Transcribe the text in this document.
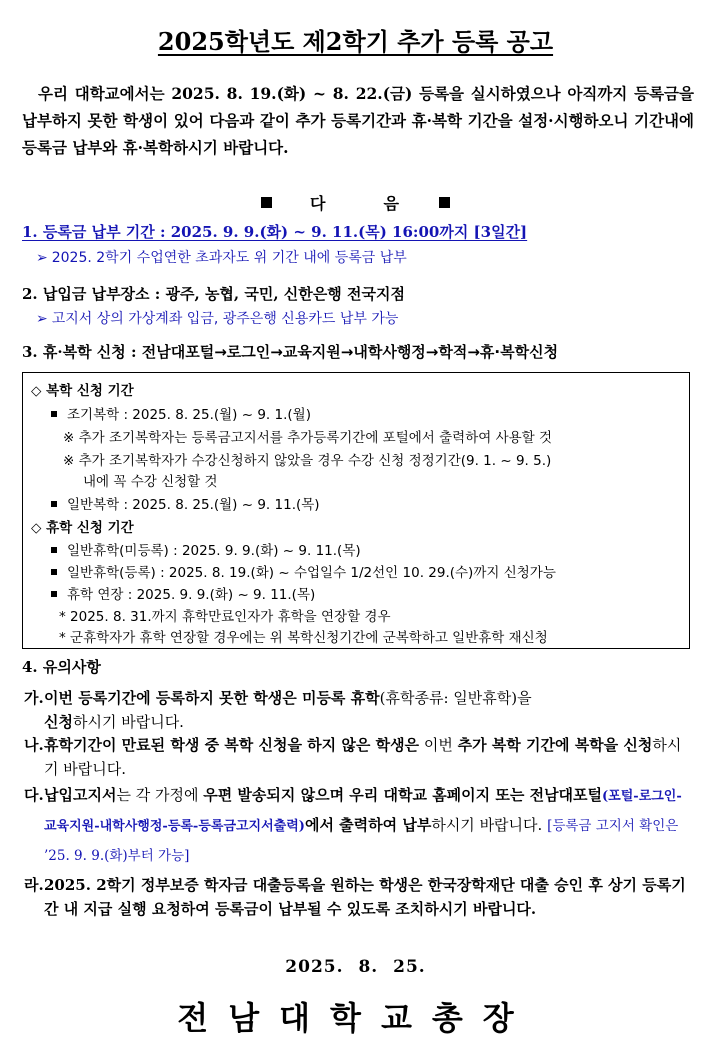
2025학년도 제2학기 추가 등록 공고

우리 대학교에서는 2025. 8. 19.(화) ~ 8. 22.(금) 등록을 실시하였으나 아직까지 등록금을 납부하지 못한 학생이 있어 다음과 같이 추가 등록기간과 휴·복학 기간을 설정·시행하오니 기간내에 등록금 납부와 휴·복학하시기 바랍니다.

다	음
1. 등록금 납부 기간 : 2025. 9. 9.(화) ~ 9. 11.(목) 16:00까지 [3일간]
➢ 2025. 2학기 수업연한 초과자도 위 기간 내에 등록금 납부
2. 납입금 납부장소 : 광주, 농협, 국민, 신한은행 전국지점
➢ 고지서 상의 가상계좌 입금, 광주은행 신용카드 납부 가능
3. 휴·복학 신청 : 전남대포털→로그인→교육지원→내학사행정→학적→휴·복학신청
◇ 복학 신청 기간
조기복학 : 2025. 8. 25.(월) ~ 9. 1.(월)
※ 추가 조기복학자는 등록금고지서를 추가등록기간에 포털에서 출력하여 사용할 것
※ 추가 조기복학자가 수강신청하지 않았을 경우 수강 신청 정정기간(9. 1. ~ 9. 5.)
내에 꼭 수강 신청할 것
일반복학 : 2025. 8. 25.(월) ~ 9. 11.(목)
◇ 휴학 신청 기간
일반휴학(미등록) : 2025. 9. 9.(화) ~ 9. 11.(목)
일반휴학(등록) : 2025. 8. 19.(화) ~ 수업일수 1/2선인 10. 29.(수)까지 신청가능
휴학 연장 : 2025. 9. 9.(화) ~ 9. 11.(목)
* 2025. 8. 31.까지 휴학만료인자가 휴학을 연장할 경우
* 군휴학자가 휴학 연장할 경우에는 위 복학신청기간에 군복학하고 일반휴학 재신청
4. 유의사항
가. 이번 등록기간에 등록하지 못한 학생은 미등록 휴학(휴학종류: 일반휴학)을
신청하시기 바랍니다.
나. 휴학기간이 만료된 학생 중 복학 신청을 하지 않은 학생은 이번 추가 복학 기간에 복학을 신청하시기 바랍니다.
다. 납입고지서는 각 가정에 우편 발송되지 않으며 우리 대학교 홈페이지 또는 전남대포털(포털-로그인-교육지원-내학사행정-등록-등록금고지서출력)에서 출력하여 납부하시기 바랍니다. [등록금 고지서 확인은 ’25. 9. 9.(화)부터 가능]
라. 2025. 2학기 정부보증 학자금 대출등록을 원하는 학생은 한국장학재단 대출 승인 후 상기 등록기간 내 지급 실행 요청하여 등록금이 납부될 수 있도록 조치하시기 바랍니다.
2025. 8. 25.
전남대학교총장
